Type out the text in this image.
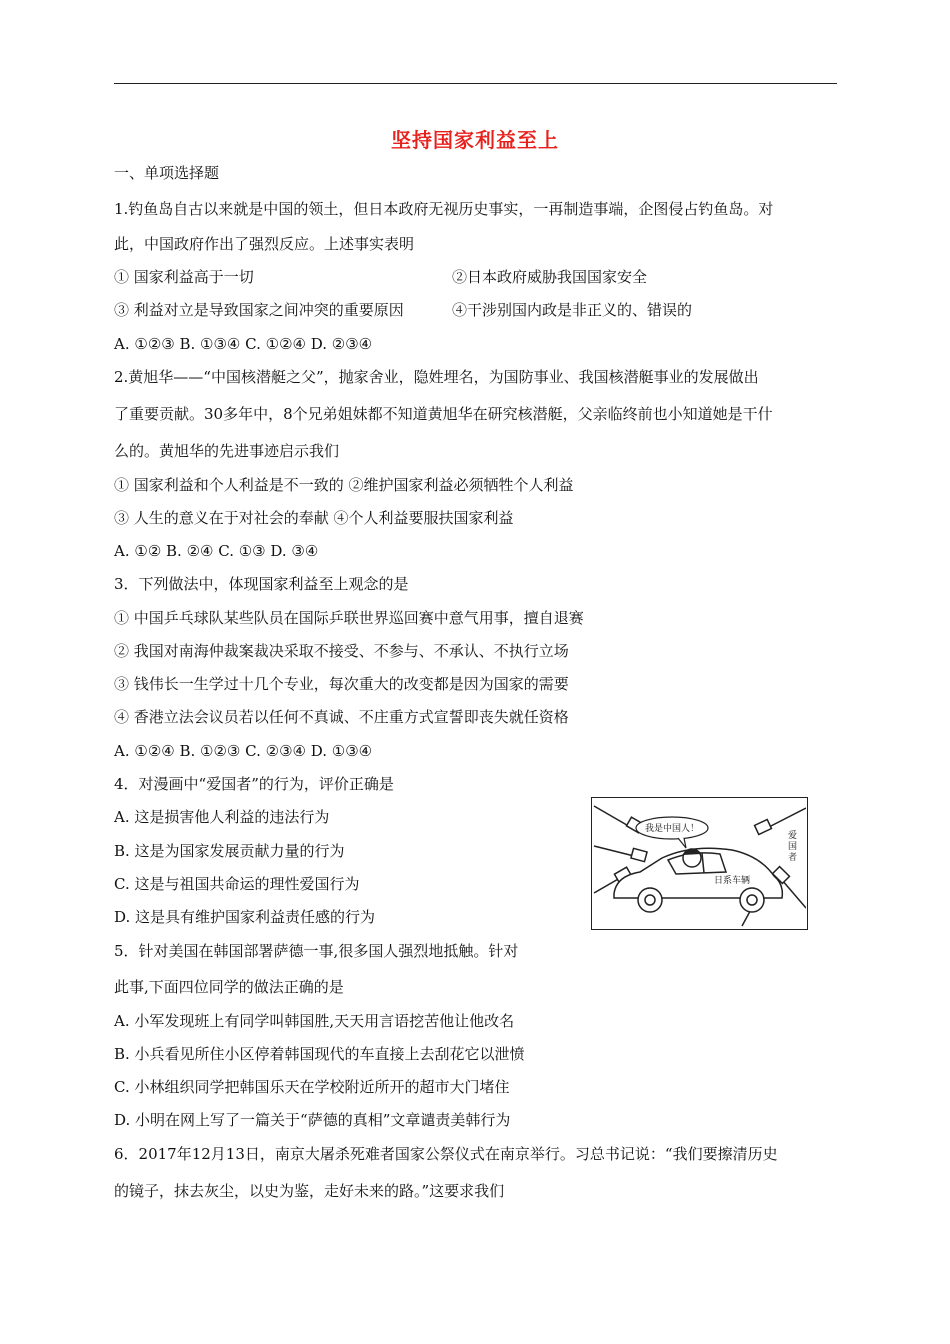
坚持国家利益至上
一、单项选择题
1.钓鱼岛自古以来就是中国的领土，但日本政府无视历史事实，一再制造事端，企图侵占钓鱼岛。对
此，中国政府作出了强烈反应。上述事实表明
① 国家利益高于一切	②日本政府威胁我国国家安全
③ 利益对立是导致国家之间冲突的重要原因	④干涉别国内政是非正义的、错误的
A. ①②③ B. ①③④ C. ①②④ D. ②③④
2.黄旭华——“中国核潜艇之父”，抛家舍业，隐姓埋名，为国防事业、我国核潜艇事业的发展做出
了重要贡献。30多年中，8个兄弟姐妹都不知道黄旭华在研究核潜艇，父亲临终前也小知道她是干什
么的。黄旭华的先进事迹启示我们
① 国家利益和个人利益是不一致的 ②维护国家利益必须牺牲个人利益
③ 人生的意义在于对社会的奉献 ④个人利益要服扶国家利益
A. ①② B. ②④ C. ①③ D. ③④
3．下列做法中，体现国家利益至上观念的是
① 中国乒乓球队某些队员在国际乒联世界巡回赛中意气用事，擅自退赛
② 我国对南海仲裁案裁决采取不接受、不参与、不承认、不执行立场
③ 钱伟长一生学过十几个专业，每次重大的改变都是因为国家的需要
④ 香港立法会议员若以任何不真诚、不庄重方式宣誓即丧失就任资格
A. ①②④ B. ①②③ C. ②③④ D. ①③④
4．对漫画中“爱国者”的行为，评价正确是
A. 这是损害他人利益的违法行为
B. 这是为国家发展贡献力量的行为
C. 这是与祖国共命运的理性爱国行为
D. 这是具有维护国家利益责任感的行为
我是中国人！
日系车辆
爱国者
5．针对美国在韩国部署萨德一事,很多国人强烈地抵触。针对
此事,下面四位同学的做法正确的是
A. 小军发现班上有同学叫韩国胜,天天用言语挖苦他让他改名
B. 小兵看见所住小区停着韩国现代的车直接上去刮花它以泄愤
C. 小林组织同学把韩国乐天在学校附近所开的超市大门堵住
D. 小明在网上写了一篇关于“萨德的真相”文章谴责美韩行为
6．2017年12月13日，南京大屠杀死难者国家公祭仪式在南京举行。习总书记说：“我们要擦清历史
的镜子，抹去灰尘，以史为鉴，走好未来的路。”这要求我们
